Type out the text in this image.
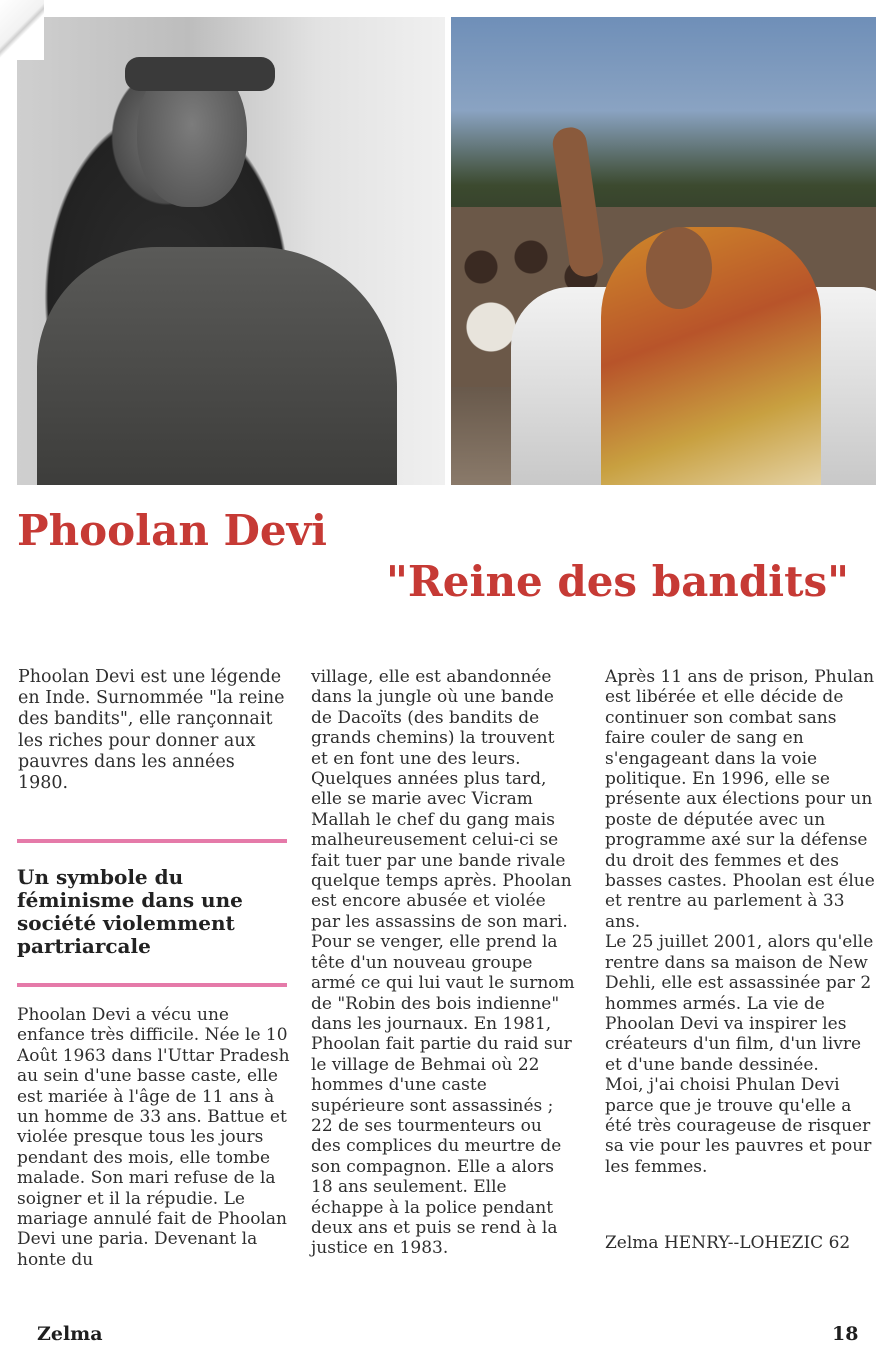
Phoolan Devi
"Reine des bandits"

Phoolan Devi est une légende en Inde. Surnommée "la reine des bandits", elle rançonnait les riches pour donner aux pauvres dans les années 1980.

Un symbole du féminisme dans une société violemment partriarcale

Phoolan Devi a vécu une enfance très difficile. Née le 10 Août 1963 dans l'Uttar Pradesh au sein d'une basse caste, elle est mariée à l'âge de 11 ans à un homme de 33 ans. Battue et violée presque tous les jours pendant des mois, elle tombe malade. Son mari refuse de la soigner et il la répudie. Le mariage annulé fait de Phoolan Devi une paria. Devenant la honte du

village, elle est abandonnée dans la jungle où une bande de Dacoïts (des bandits de grands chemins) la trouvent et en font une des leurs. Quelques années plus tard, elle se marie avec Vicram Mallah le chef du gang mais malheureusement celui-ci se fait tuer par une bande rivale quelque temps après. Phoolan est encore abusée et violée par les assassins de son mari. Pour se venger, elle prend la tête d'un nouveau groupe armé ce qui lui vaut le surnom de "Robin des bois indienne" dans les journaux. En 1981, Phoolan fait partie du raid sur le village de Behmai où 22 hommes d'une caste supérieure sont assassinés ; 22 de ses tourmenteurs ou des complices du meurtre de son compagnon. Elle a alors 18 ans seulement. Elle échappe à la police pendant deux ans et puis se rend à la justice en 1983.

Après 11 ans de prison, Phulan est libérée et elle décide de continuer son combat sans faire couler de sang en s'engageant dans la voie politique. En 1996, elle se présente aux élections pour un poste de députée avec un programme axé sur la défense du droit des femmes et des basses castes. Phoolan est élue et rentre au parlement à 33 ans.

Le 25 juillet 2001, alors qu'elle rentre dans sa maison de New Dehli, elle est assassinée par 2 hommes armés. La vie de Phoolan Devi va inspirer les créateurs d'un film, d'un livre et d'une bande dessinée.

Moi, j'ai choisi Phulan Devi parce que je trouve qu'elle a été très courageuse de risquer sa vie pour les pauvres et pour les femmes.

Zelma HENRY--LOHEZIC 62

Zelma	18
